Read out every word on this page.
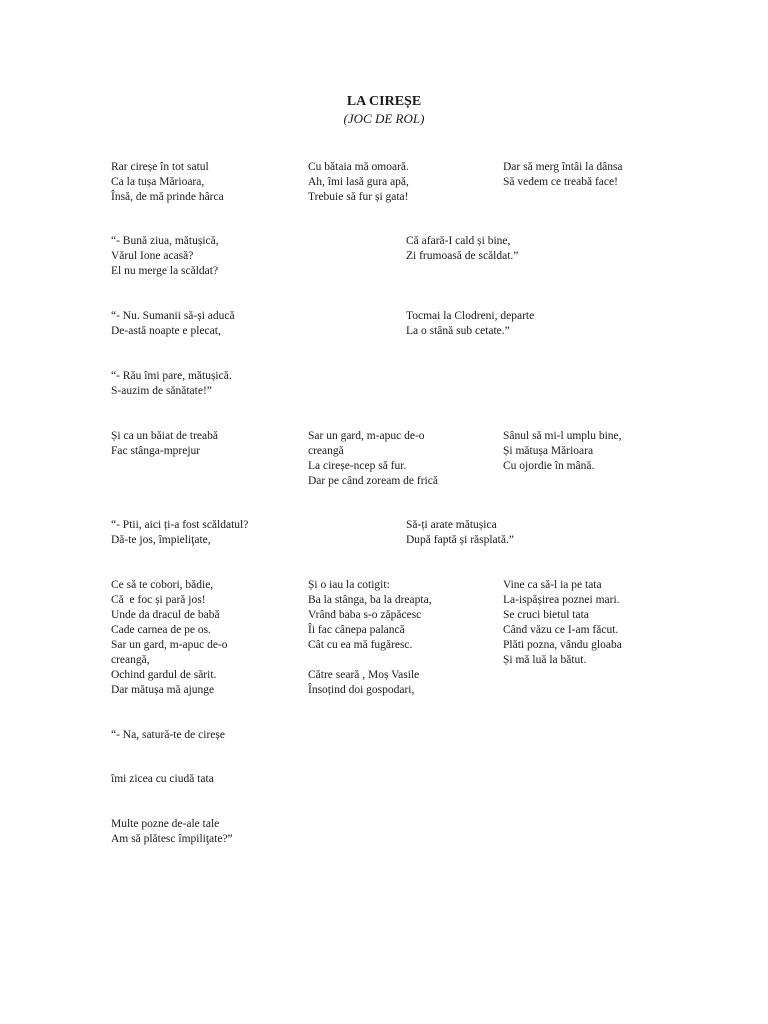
LA CIREȘE
(JOC DE ROL)
Rar cireșe în tot satul
Ca la tușa Mărioara,
Însă, de mă prinde hârca
Cu bătaia mă omoară.
Ah, îmi lasă gura apă,
Trebuie să fur și gata!
Dar să merg întâi la dânsa
Să vedem ce treabă face!
“- Bună ziua, mătușică,
Vărul Ione acasă?
El nu merge la scăldat?
Că afară-I cald și bine,
Zi frumoasă de scăldat.”
“- Nu. Sumanii să-și aducă
De-astă noapte e plecat,
Tocmai la Clodreni, departe
La o stână sub cetate.”
“- Rău îmi pare, mătușică.
S-auzim de sănătate!”
Și ca un băiat de treabă
Fac stânga-mprejur
Sar un gard, m-apuc de-o
creangă
La cireșe-ncep să fur.
Dar pe când zoream de frică
Sânul să mi-l umplu bine,
Și mătușa Mărioara
Cu ojordie în mână.
“- Ptii, aici ți-a fost scăldatul?
Dă-te jos, împieliţate,
Să-ți arate mătușica
După faptă și răsplată.”
Ce să te cobori, bădie,
Că  e foc și pară jos!
Unde da dracul de babă
Cade carnea de pe os.
Sar un gard, m-apuc de-o
creangă,
Ochind gardul de sărit.
Dar mătușa mă ajunge
Și o iau la cotigit:
Ba la stânga, ba la dreapta,
Vrând baba s-o zăpăcesc
Îi fac cânepa palancă
Cât cu ea mă fugăresc.

Către seară , Moș Vasile
Însoțind doi gospodari,
Vine ca să-l ia pe tata
La-ispășirea poznei mari.
Se cruci bietul tata
Când văzu ce I-am făcut.
Plăti pozna, vându gloaba
Și mă luă la bătut.
“- Na, satură-te de cireșe
îmi zicea cu ciudă tata
Multe pozne de-ale tale
Am să plătesc împiliţate?”
